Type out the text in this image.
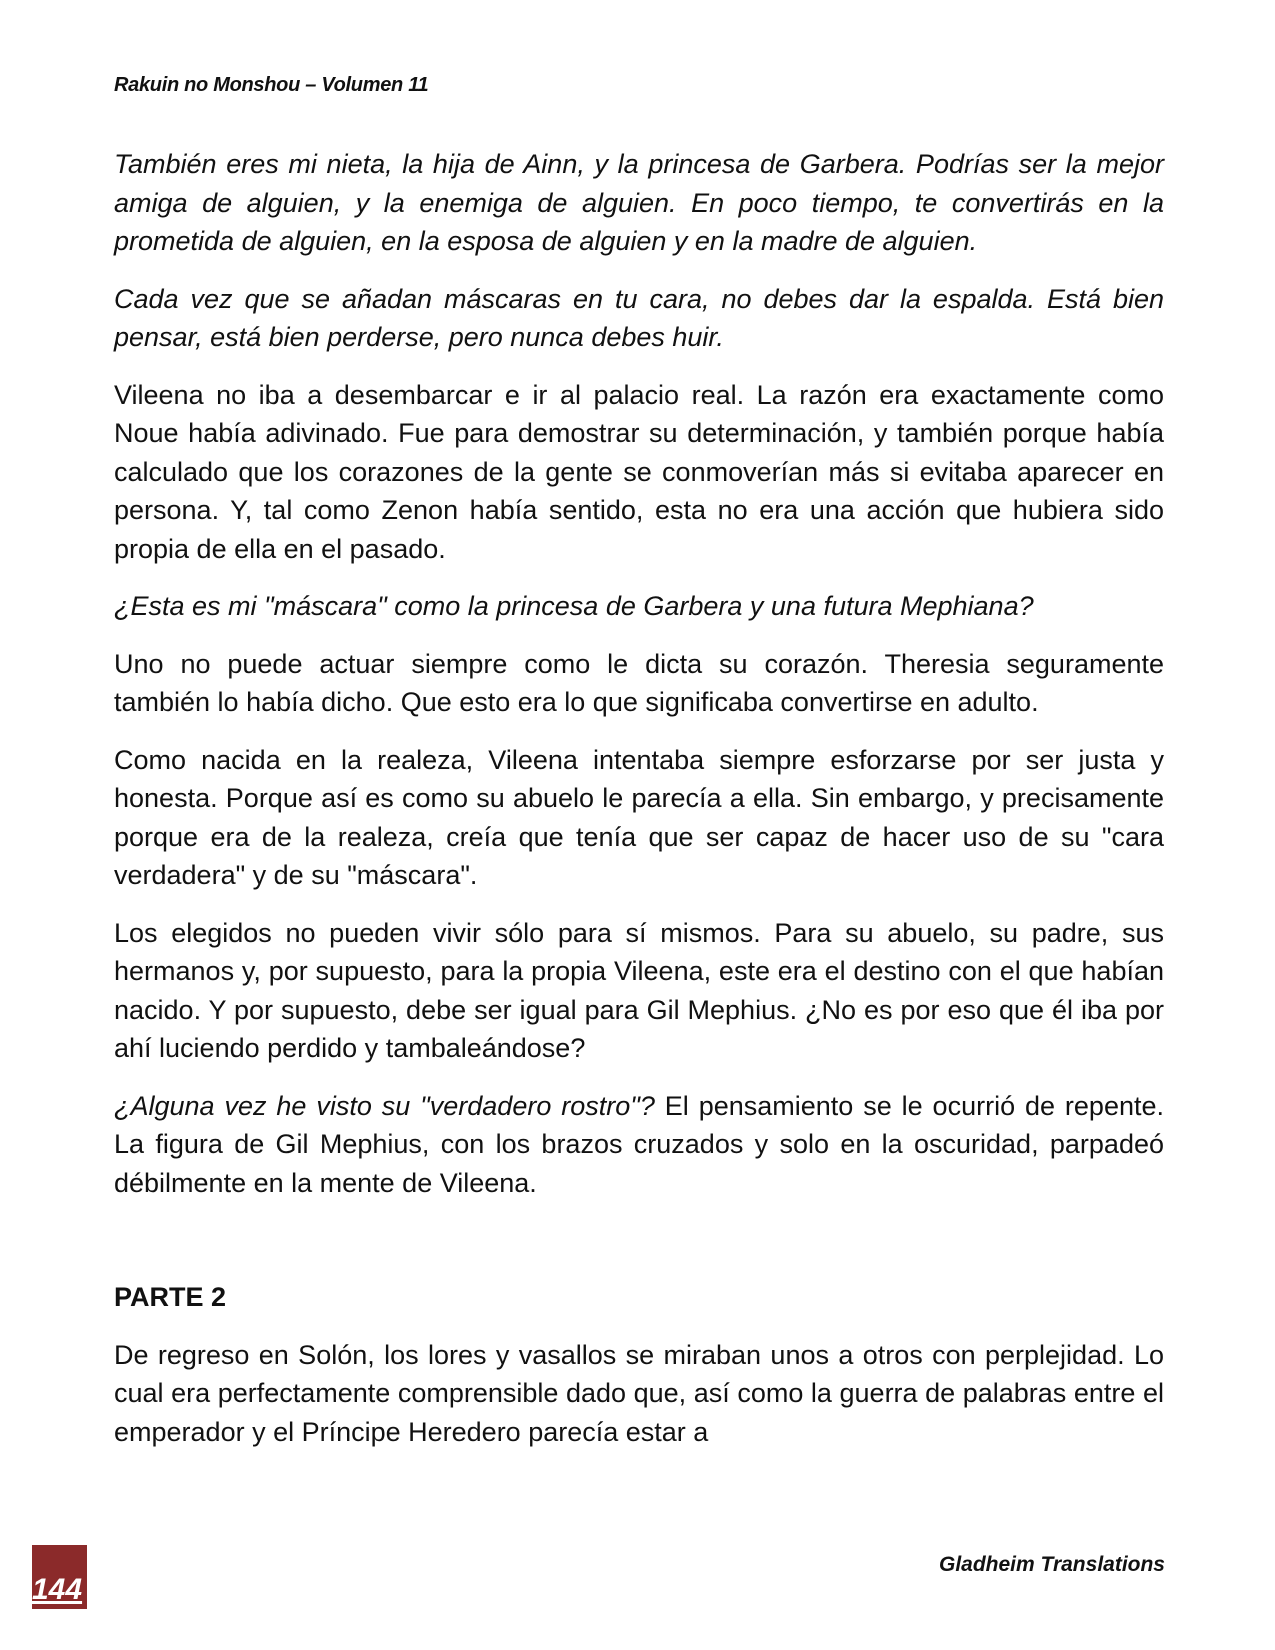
Rakuin no Monshou – Volumen 11

También eres mi nieta, la hija de Ainn, y la princesa de Garbera. Podrías ser la mejor amiga de alguien, y la enemiga de alguien. En poco tiempo, te convertirás en la prometida de alguien, en la esposa de alguien y en la madre de alguien.

Cada vez que se añadan máscaras en tu cara, no debes dar la espalda. Está bien pensar, está bien perderse, pero nunca debes huir.

Vileena no iba a desembarcar e ir al palacio real. La razón era exactamente como Noue había adivinado. Fue para demostrar su determinación, y también porque había calculado que los corazones de la gente se conmoverían más si evitaba aparecer en persona. Y, tal como Zenon había sentido, esta no era una acción que hubiera sido propia de ella en el pasado.

¿Esta es mi "máscara" como la princesa de Garbera y una futura Mephiana?

Uno no puede actuar siempre como le dicta su corazón. Theresia seguramente también lo había dicho. Que esto era lo que significaba convertirse en adulto.

Como nacida en la realeza, Vileena intentaba siempre esforzarse por ser justa y honesta. Porque así es como su abuelo le parecía a ella. Sin embargo, y precisamente porque era de la realeza, creía que tenía que ser capaz de hacer uso de su "cara verdadera" y de su "máscara".

Los elegidos no pueden vivir sólo para sí mismos. Para su abuelo, su padre, sus hermanos y, por supuesto, para la propia Vileena, este era el destino con el que habían nacido. Y por supuesto, debe ser igual para Gil Mephius. ¿No es por eso que él iba por ahí luciendo perdido y tambaleándose?

¿Alguna vez he visto su "verdadero rostro"? El pensamiento se le ocurrió de repente. La figura de Gil Mephius, con los brazos cruzados y solo en la oscuridad, parpadeó débilmente en la mente de Vileena.

PARTE 2

De regreso en Solón, los lores y vasallos se miraban unos a otros con perplejidad. Lo cual era perfectamente comprensible dado que, así como la guerra de palabras entre el emperador y el Príncipe Heredero parecía estar a

144
Gladheim Translations
